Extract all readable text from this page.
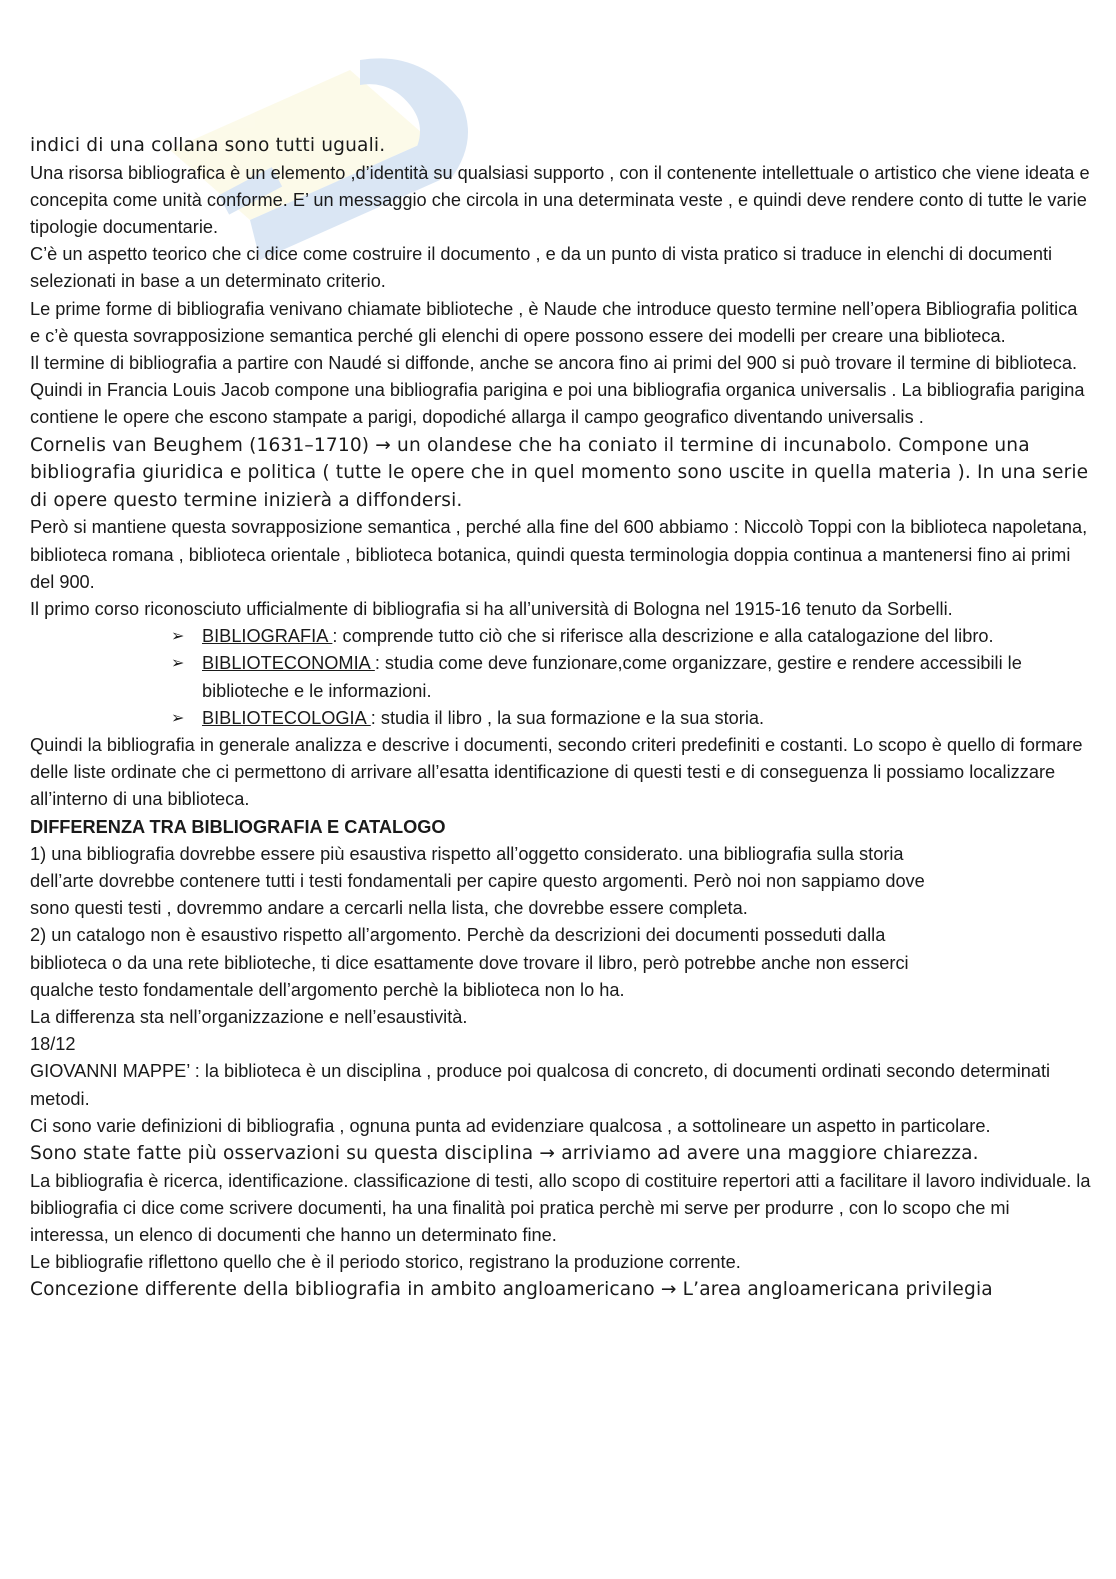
indici di una collana sono tutti uguali.

Una risorsa bibliografica è un elemento ,d’identità su qualsiasi supporto , con il contenente intellettuale o artistico che viene ideata e concepita come unità conforme. E’ un messaggio che circola in una determinata veste , e quindi deve rendere conto di tutte le varie tipologie documentarie.

C’è un aspetto teorico che ci dice come costruire il documento , e da un punto di vista pratico si traduce in elenchi di documenti selezionati in base a un determinato criterio.

Le prime forme di bibliografia venivano chiamate biblioteche , è Naude che introduce questo termine nell’opera Bibliografia politica e c’è questa sovrapposizione semantica perché gli elenchi di opere possono essere dei modelli per creare una biblioteca.

Il termine di bibliografia a partire con Naudé si diffonde, anche se ancora fino ai primi del 900 si può trovare il termine di biblioteca. Quindi in Francia Louis Jacob compone una bibliografia parigina e poi una bibliografia organica universalis . La bibliografia parigina contiene le opere che escono stampate a parigi, dopodiché allarga il campo geografico diventando universalis .

Cornelis van Beughem (1631–1710) → un olandese che ha coniato il termine di incunabolo. Compone una bibliografia giuridica e politica ( tutte le opere che in quel momento sono uscite in quella materia ). In una serie di opere questo termine inizierà a diffondersi.

Però si mantiene questa sovrapposizione semantica , perché alla fine del 600 abbiamo : Niccolò Toppi con la biblioteca napoletana, biblioteca romana , biblioteca orientale , biblioteca botanica, quindi questa terminologia doppia continua a mantenersi fino ai primi del 900.

Il primo corso riconosciuto ufficialmente di bibliografia si ha all’università di Bologna nel 1915-16 tenuto da Sorbelli.

➢ BIBLIOGRAFIA : comprende tutto ciò che si riferisce alla descrizione e alla catalogazione del libro.
➢ BIBLIOTECONOMIA : studia come deve funzionare,come organizzare, gestire e rendere accessibili le biblioteche e le informazioni.
➢ BIBLIOTECOLOGIA : studia il libro , la sua formazione e la sua storia.

Quindi la bibliografia in generale analizza e descrive i documenti, secondo criteri predefiniti e costanti. Lo scopo è quello di formare delle liste ordinate che ci permettono di arrivare all’esatta identificazione di questi testi e di conseguenza li possiamo localizzare all’interno di una biblioteca.

DIFFERENZA TRA BIBLIOGRAFIA E CATALOGO

1) una bibliografia dovrebbe essere più esaustiva rispetto all’oggetto considerato. una bibliografia sulla storia dell’arte dovrebbe contenere tutti i testi fondamentali per capire questo argomenti. Però noi non sappiamo dove sono questi testi , dovremmo andare a cercarli nella lista, che dovrebbe essere completa.

2) un catalogo non è esaustivo rispetto all’argomento. Perchè da descrizioni dei documenti posseduti dalla biblioteca o da una rete biblioteche, ti dice esattamente dove trovare il libro, però potrebbe anche non esserci qualche testo fondamentale dell’argomento perchè la biblioteca non lo ha.

La differenza sta nell’organizzazione e nell’esaustività.

18/12

GIOVANNI MAPPE’ : la biblioteca è un disciplina , produce poi qualcosa di concreto, di documenti ordinati secondo determinati metodi.

Ci sono varie definizioni di bibliografia , ognuna punta ad evidenziare qualcosa , a sottolineare un aspetto in particolare.

Sono state fatte più osservazioni su questa disciplina → arriviamo ad avere una maggiore chiarezza.

La bibliografia è ricerca, identificazione. classificazione di testi, allo scopo di costituire repertori atti a facilitare il lavoro individuale. la bibliografia ci dice come scrivere documenti, ha una finalità poi pratica perchè mi serve per produrre , con lo scopo che mi interessa, un elenco di documenti che hanno un determinato fine.

Le bibliografie riflettono quello che è il periodo storico, registrano la produzione corrente.

Concezione differente della bibliografia in ambito angloamericano → L’area angloamericana privilegia
